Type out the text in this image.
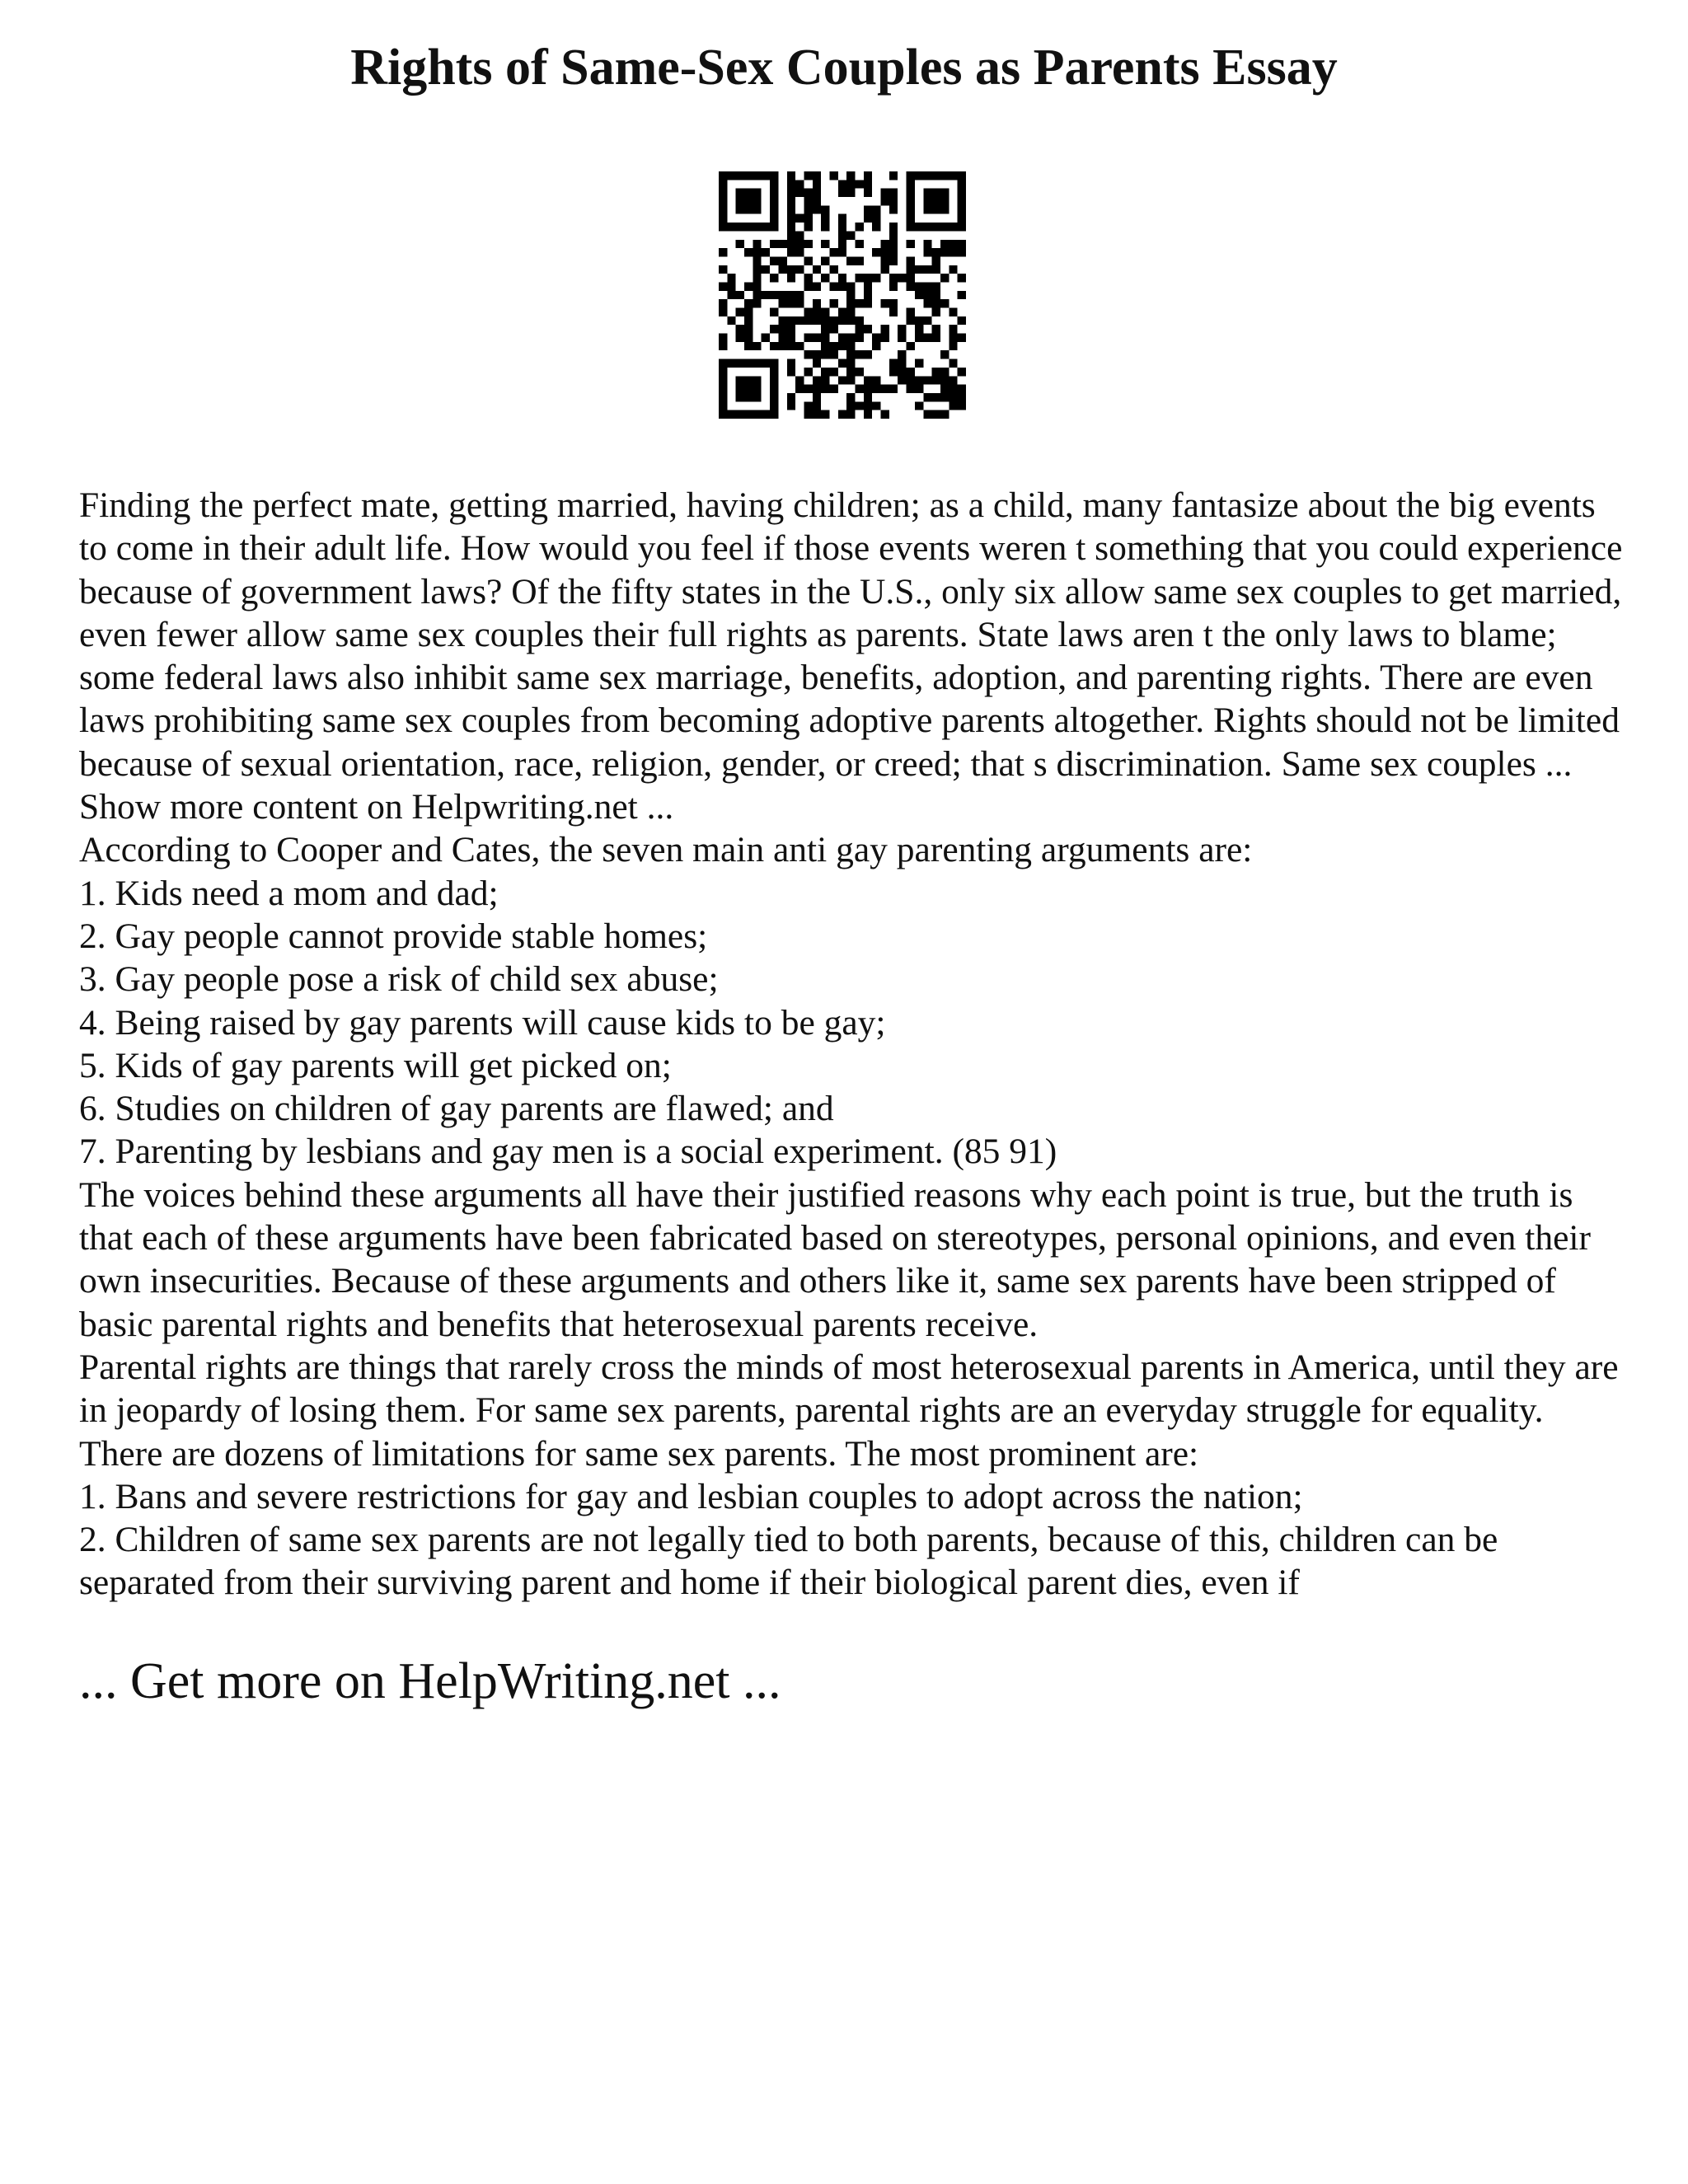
Rights of Same-Sex Couples as Parents Essay

Finding the perfect mate, getting married, having children; as a child, many fantasize about the big events to come in their adult life. How would you feel if those events weren t something that you could experience because of government laws? Of the fifty states in the U.S., only six allow same sex couples to get married, even fewer allow same sex couples their full rights as parents. State laws aren t the only laws to blame; some federal laws also inhibit same sex marriage, benefits, adoption, and parenting rights. There are even laws prohibiting same sex couples from becoming adoptive parents altogether. Rights should not be limited because of sexual orientation, race, religion, gender, or creed; that s discrimination. Same sex couples ... Show more content on Helpwriting.net ...

According to Cooper and Cates, the seven main anti gay parenting arguments are:

1. Kids need a mom and dad;

2. Gay people cannot provide stable homes;

3. Gay people pose a risk of child sex abuse;

4. Being raised by gay parents will cause kids to be gay;

5. Kids of gay parents will get picked on;

6. Studies on children of gay parents are flawed; and

7. Parenting by lesbians and gay men is a social experiment. (85 91)

The voices behind these arguments all have their justified reasons why each point is true, but the truth is that each of these arguments have been fabricated based on stereotypes, personal opinions, and even their own insecurities. Because of these arguments and others like it, same sex parents have been stripped of basic parental rights and benefits that heterosexual parents receive.

Parental rights are things that rarely cross the minds of most heterosexual parents in America, until they are in jeopardy of losing them. For same sex parents, parental rights are an everyday struggle for equality. There are dozens of limitations for same sex parents. The most prominent are:

1. Bans and severe restrictions for gay and lesbian couples to adopt across the nation;

2. Children of same sex parents are not legally tied to both parents, because of this, children can be separated from their surviving parent and home if their biological parent dies, even if

... Get more on HelpWriting.net ...
